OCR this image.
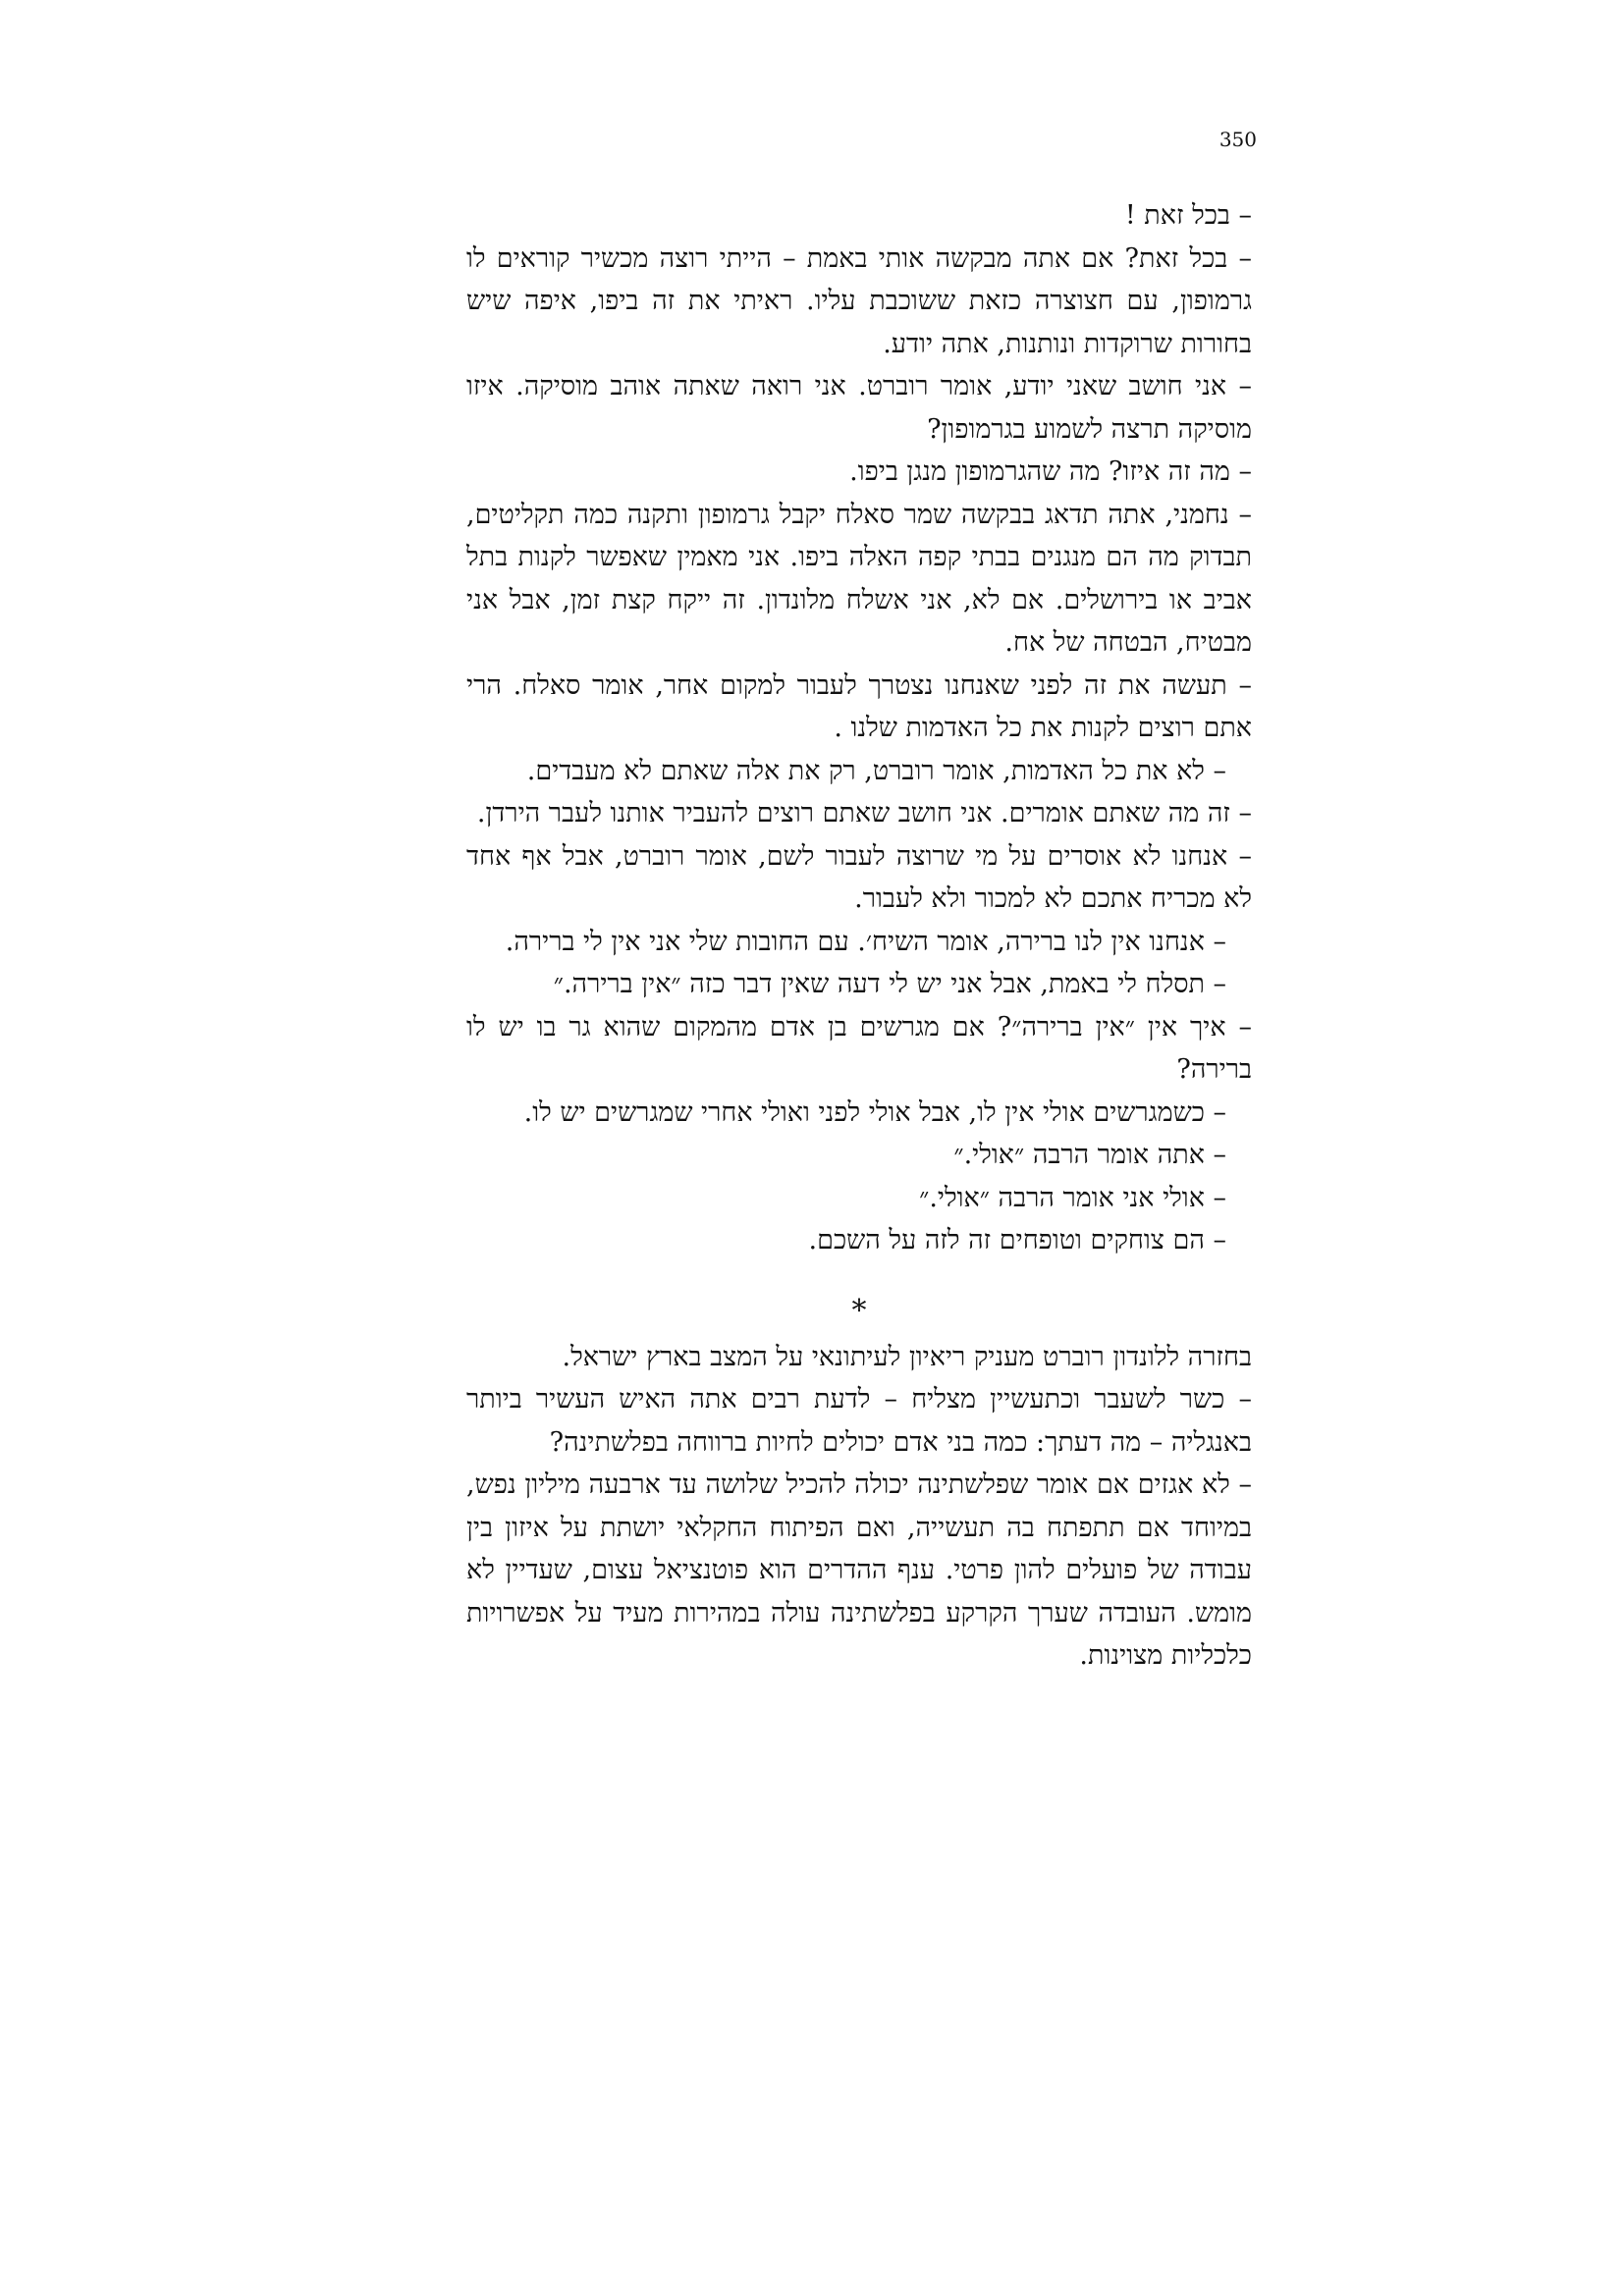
350

– בכל זאת !

– בכל זאת? אם אתה מבקשה אותי באמת – הייתי רוצה מכשיר קוראים לו גרמופון, עם חצוצרה כזאת ששוכבת עליו. ראיתי את זה ביפו, איפה שיש בחורות שרוקדות ונותנות, אתה יודע.

– אני חושב שאני יודע, אומר רוברט. אני רואה שאתה אוהב מוסיקה. איזו מוסיקה תרצה לשמוע בגרמופון?

– מה זה איזו? מה שהגרמופון מנגן ביפו.

– נחמני, אתה תדאג בבקשה שמר סאלח יקבל גרמופון ותקנה כמה תקליטים, תבדוק מה הם מנגנים בבתי קפה האלה ביפו. אני מאמין שאפשר לקנות בתל אביב או בירושלים. אם לא, אני אשלח מלונדון. זה ייקח קצת זמן, אבל אני מבטיח, הבטחה של אח.

– תעשה את זה לפני שאנחנו נצטרך לעבור למקום אחר, אומר סאלח. הרי אתם רוצים לקנות את כל האדמות שלנו .

– לא את כל האדמות, אומר רוברט, רק את אלה שאתם לא מעבדים.

– זה מה שאתם אומרים. אני חושב שאתם רוצים להעביר אותנו לעבר הירדן.

– אנחנו לא אוסרים על מי שרוצה לעבור לשם, אומר רוברט, אבל אף אחד לא מכריח אתכם לא למכור ולא לעבור.

– אנחנו אין לנו ברירה, אומר השיח׳. עם החובות שלי אני אין לי ברירה.

– תסלח לי באמת, אבל אני יש לי דעה שאין דבר כזה ״אין ברירה.״

– איך אין ״אין ברירה״? אם מגרשים בן אדם מהמקום שהוא גר בו יש לו ברירה?

– כשמגרשים אולי אין לו, אבל אולי לפני ואולי אחרי שמגרשים יש לו.

– אתה אומר הרבה ״אולי.״

– אולי אני אומר הרבה ״אולי.״

– הם צוחקים וטופחים זה לזה על השכם.

*

בחזרה ללונדון רוברט מעניק ריאיון לעיתונאי על המצב בארץ ישראל.

– כשר לשעבר וכתעשיין מצליח – לדעת רבים אתה האיש העשיר ביותר באנגליה – מה דעתך: כמה בני אדם יכולים לחיות ברווחה בפלשתינה?

– לא אגזים אם אומר שפלשתינה יכולה להכיל שלושה עד ארבעה מיליון נפש, במיוחד אם תתפתח בה תעשייה, ואם הפיתוח החקלאי יושתת על איזון בין עבודה של פועלים להון פרטי. ענף ההדרים הוא פוטנציאל עצום, שעדיין לא מומש. העובדה שערך הקרקע בפלשתינה עולה במהירות מעיד על אפשרויות כלכליות מצוינות.
